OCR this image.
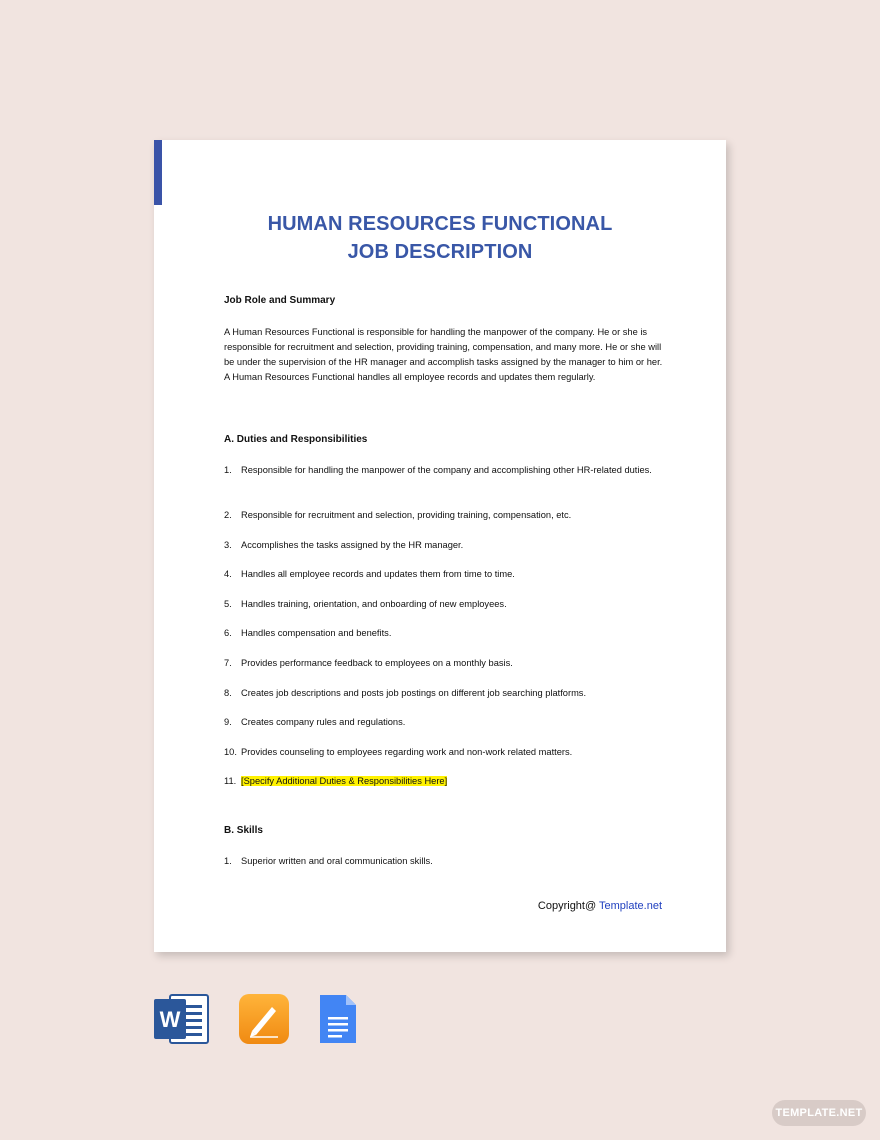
HUMAN RESOURCES FUNCTIONAL
JOB DESCRIPTION
Job Role and Summary
A Human Resources Functional is responsible for handling the manpower of the company. He or she is responsible for recruitment and selection, providing training, compensation, and many more. He or she will be under the supervision of the HR manager and accomplish tasks assigned by the manager to him or her. A Human Resources Functional handles all employee records and updates them regularly.
A. Duties and Responsibilities
1. Responsible for handling the manpower of the company and accomplishing other HR-related duties.
2. Responsible for recruitment and selection, providing training, compensation, etc.
3. Accomplishes the tasks assigned by the HR manager.
4. Handles all employee records and updates them from time to time.
5. Handles training, orientation, and onboarding of new employees.
6. Handles compensation and benefits.
7. Provides performance feedback to employees on a monthly basis.
8. Creates job descriptions and posts job postings on different job searching platforms.
9. Creates company rules and regulations.
10. Provides counseling to employees regarding work and non-work related matters.
11. [Specify Additional Duties & Responsibilities Here]
B. Skills
1. Superior written and oral communication skills.
Copyright@ Template.net
W
TEMPLATE.NET
